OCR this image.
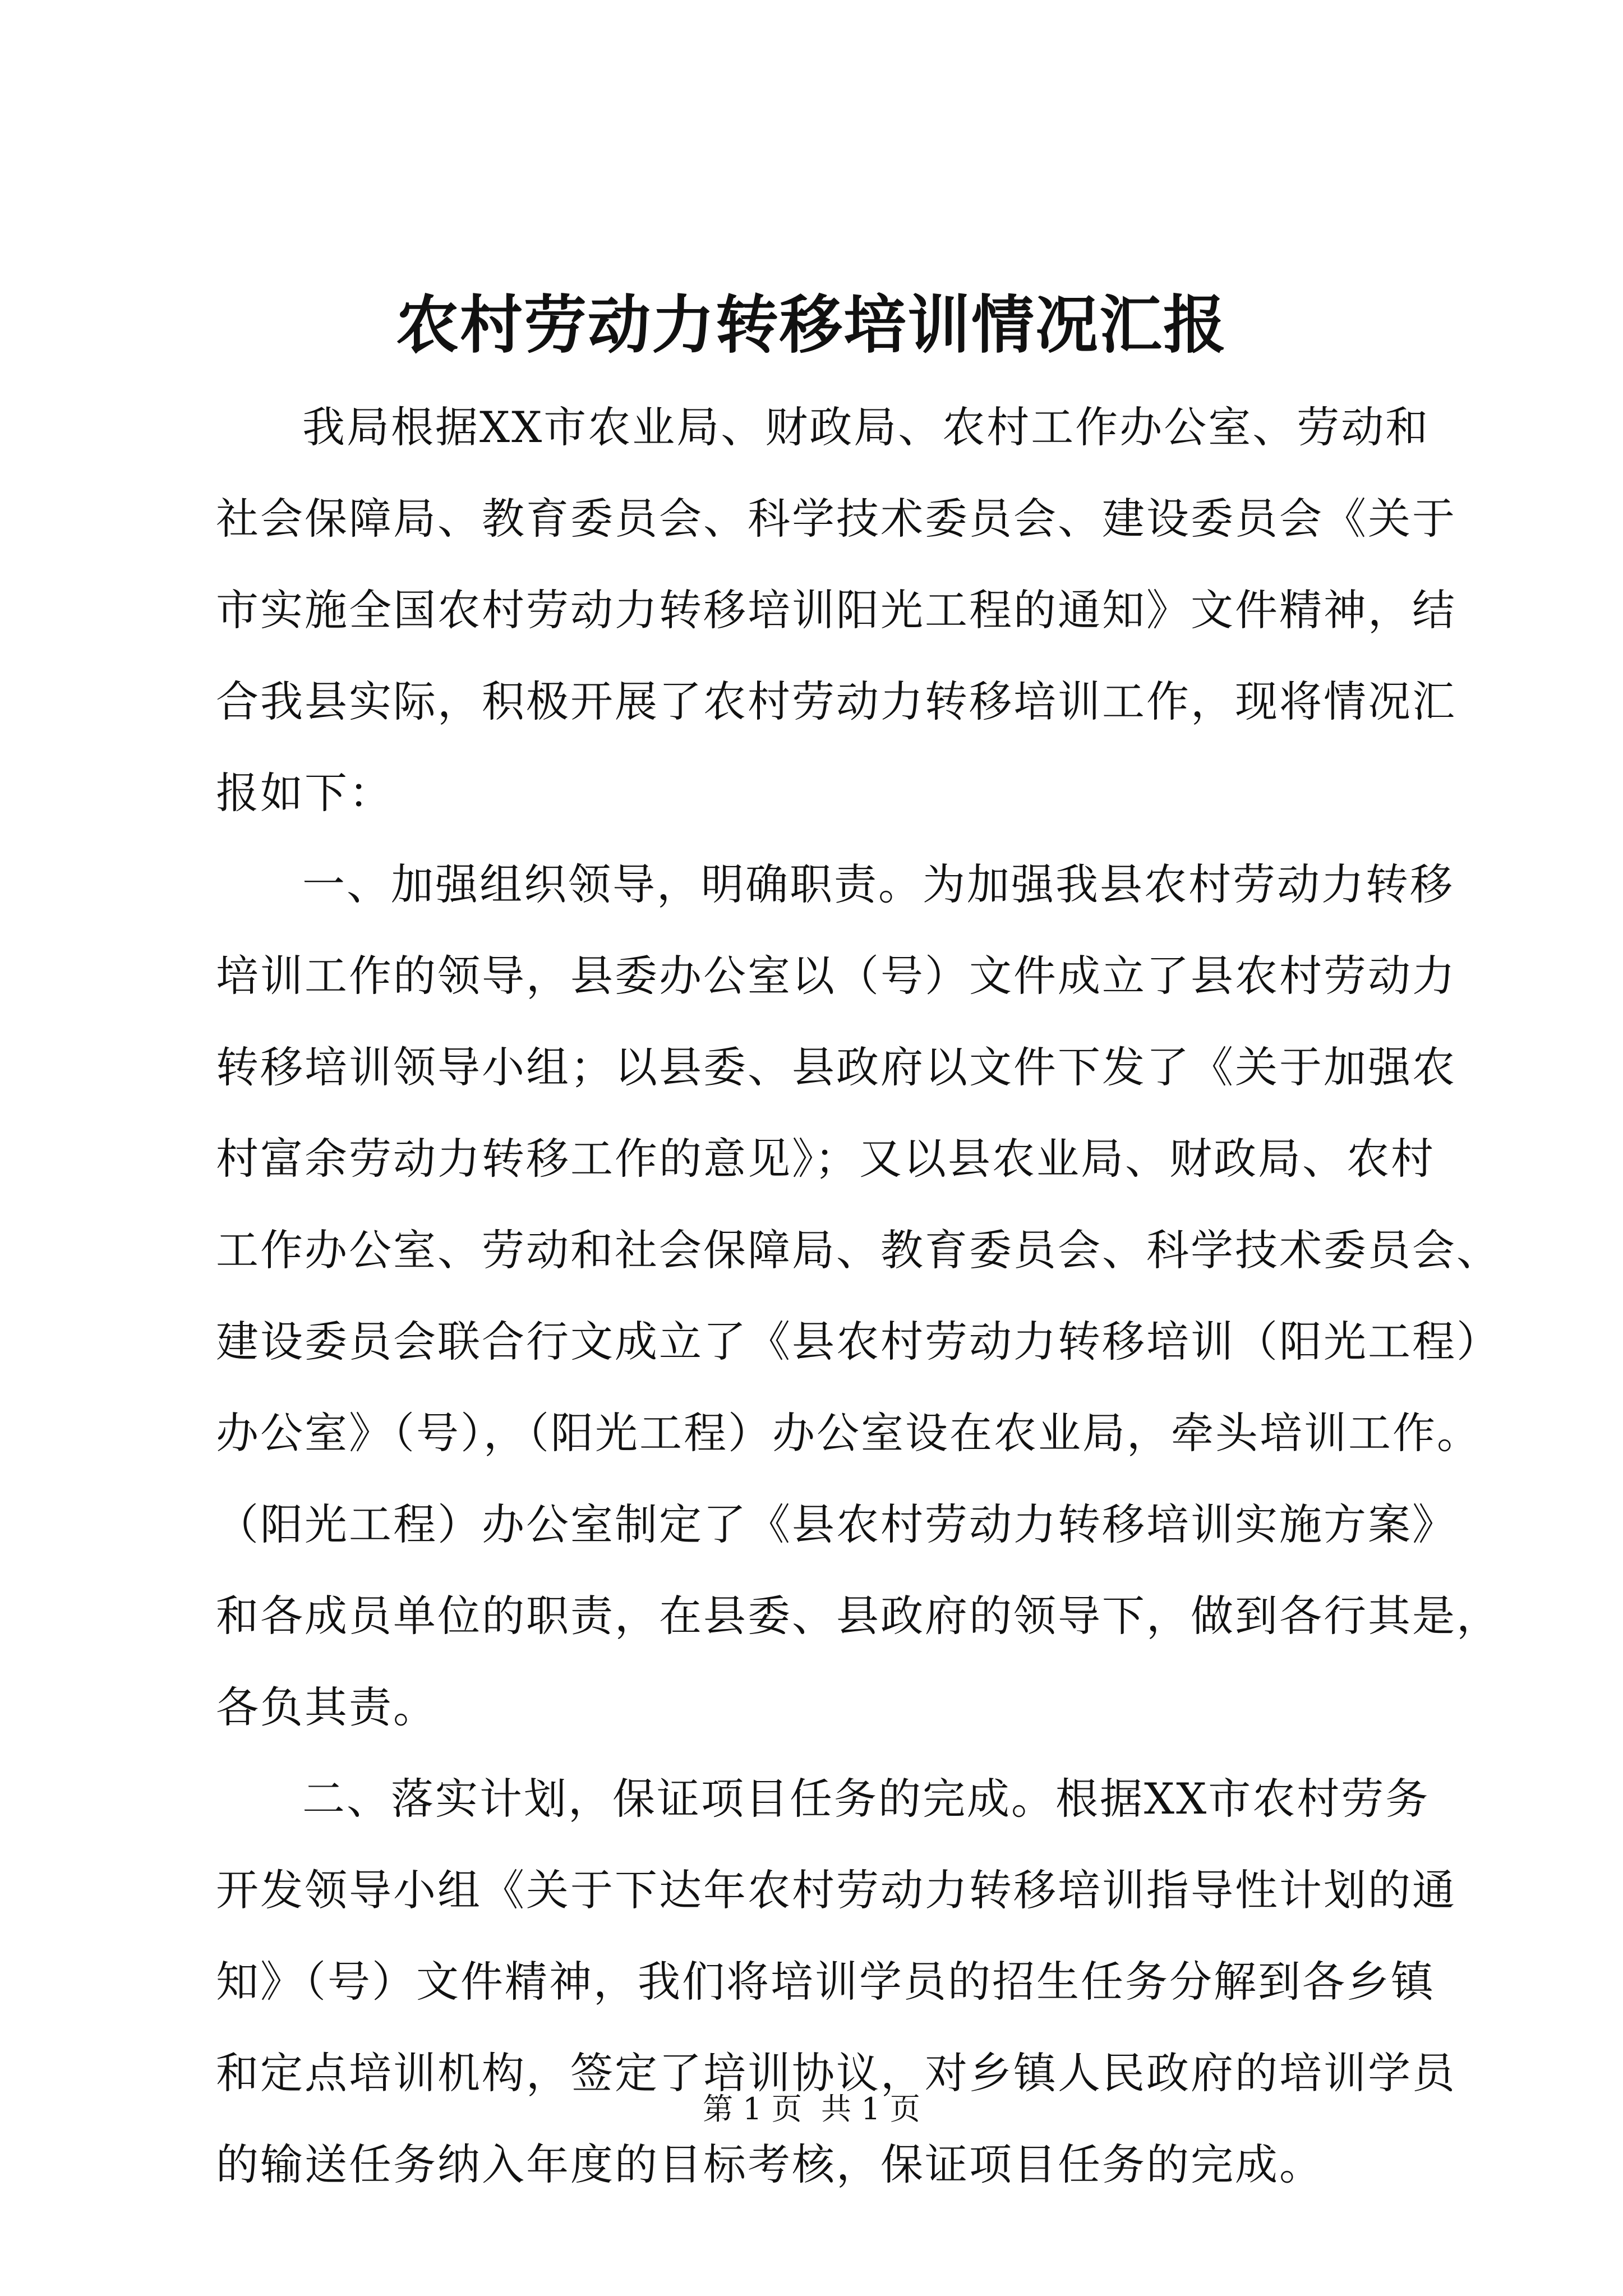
农村劳动力转移培训情况汇报
我局根据XX市农业局、财政局、农村工作办公室、劳动和
社会保障局、教育委员会、科学技术委员会、建设委员会《关于
市实施全国农村劳动力转移培训阳光工程的通知》文件精神，结
合我县实际，积极开展了农村劳动力转移培训工作，现将情况汇
报如下：
一、加强组织领导，明确职责。为加强我县农村劳动力转移
培训工作的领导，县委办公室以（号）文件成立了县农村劳动力
转移培训领导小组；以县委、县政府以文件下发了《关于加强农
村富余劳动力转移工作的意见》；又以县农业局、财政局、农村
工作办公室、劳动和社会保障局、教育委员会、科学技术委员会、
建设委员会联合行文成立了《县农村劳动力转移培训（阳光工程）
办公室》（号），（阳光工程）办公室设在农业局，牵头培训工作。
（阳光工程）办公室制定了《县农村劳动力转移培训实施方案》
和各成员单位的职责，在县委、县政府的领导下，做到各行其是，
各负其责。
二、落实计划，保证项目任务的完成。根据XX市农村劳务
开发领导小组《关于下达年农村劳动力转移培训指导性计划的通
知》（号）文件精神，我们将培训学员的招生任务分解到各乡镇
和定点培训机构，签定了培训协议，对乡镇人民政府的培训学员
的输送任务纳入年度的目标考核，保证项目任务的完成。
第 1 页  共 1 页
